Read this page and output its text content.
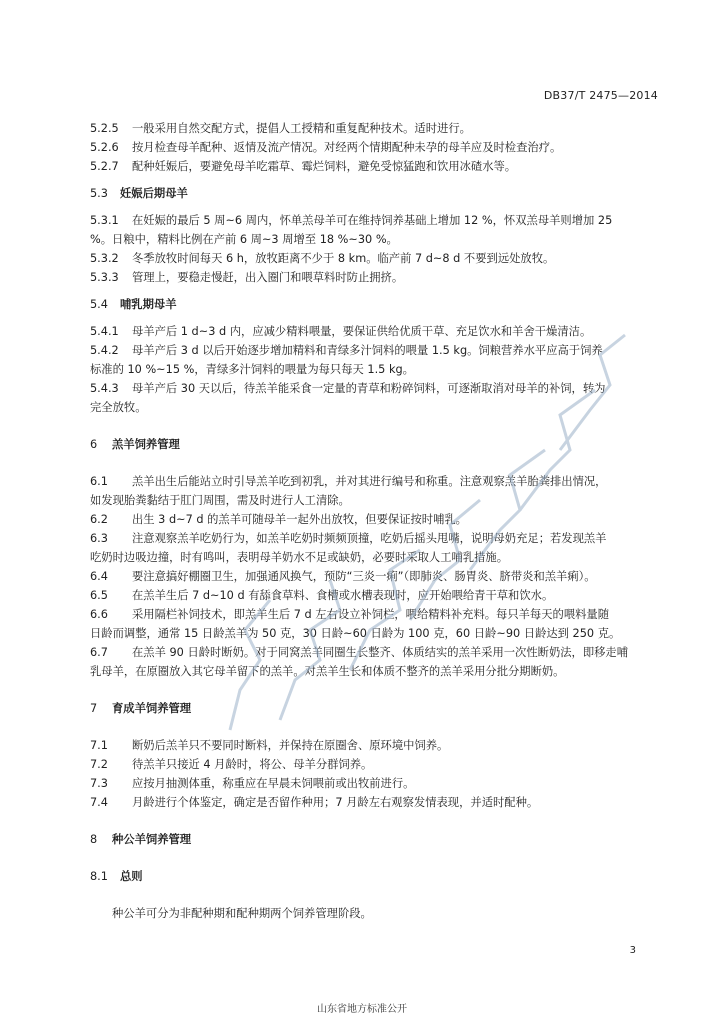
DB37/T 2475—2014
5.2.5 一般采用自然交配方式，提倡人工授精和重复配种技术。适时进行。
5.2.6 按月检查母羊配种、返情及流产情况。对经两个情期配种未孕的母羊应及时检查治疗。
5.2.7 配种妊娠后，要避免母羊吃霜草、霉烂饲料，避免受惊猛跑和饮用冰碴水等。
5.3 妊娠后期母羊
5.3.1 在妊娠的最后 5 周~6 周内，怀单羔母羊可在维持饲养基础上增加 12 %，怀双羔母羊则增加 25
%。日粮中，精料比例在产前 6 周~3 周增至 18 %~30 %。
5.3.2 冬季放牧时间每天 6 h，放牧距离不少于 8 km。临产前 7 d~8 d 不要到远处放牧。
5.3.3 管理上，要稳走慢赶，出入圈门和喂草料时防止拥挤。
5.4 哺乳期母羊
5.4.1 母羊产后 1 d~3 d 内，应减少精料喂量，要保证供给优质干草、充足饮水和羊舍干燥清洁。
5.4.2 母羊产后 3 d 以后开始逐步增加精料和青绿多汁饲料的喂量 1.5 kg。饲粮营养水平应高于饲养
标准的 10 %~15 %，青绿多汁饲料的喂量为每只每天 1.5 kg。
5.4.3 母羊产后 30 天以后，待羔羊能采食一定量的青草和粉碎饲料，可逐渐取消对母羊的补饲，转为
完全放牧。
6 羔羊饲养管理
6.1 羔羊出生后能站立时引导羔羊吃到初乳，并对其进行编号和称重。注意观察羔羊胎粪排出情况，
如发现胎粪黏结于肛门周围，需及时进行人工清除。
6.2 出生 3 d~7 d 的羔羊可随母羊一起外出放牧，但要保证按时哺乳。
6.3 注意观察羔羊吃奶行为，如羔羊吃奶时频频顶撞，吃奶后摇头甩嘴，说明母奶充足；若发现羔羊
吃奶时边吸边撞，时有鸣叫，表明母羊奶水不足或缺奶，必要时采取人工哺乳措施。
6.4 要注意搞好棚圈卫生，加强通风换气，预防“三炎一痢”（即肺炎、肠胃炎、脐带炎和羔羊痢）。
6.5 在羔羊生后 7 d~10 d 有舔食草料、食槽或水槽表现时，应开始喂给青干草和饮水。
6.6 采用隔栏补饲技术，即羔羊生后 7 d 左右设立补饲栏，喂给精料补充料。每只羊每天的喂料量随
日龄而调整，通常 15 日龄羔羊为 50 克，30 日龄~60 日龄为 100 克，60 日龄~90 日龄达到 250 克。
6.7 在羔羊 90 日龄时断奶。对于同窝羔羊同圈生长整齐、体质结实的羔羊采用一次性断奶法，即移走哺
乳母羊，在原圈放入其它母羊留下的羔羊。对羔羊生长和体质不整齐的羔羊采用分批分期断奶。
7 育成羊饲养管理
7.1 断奶后羔羊只不要同时断料，并保持在原圈舍、原环境中饲养。
7.2 待羔羊只接近 4 月龄时，将公、母羊分群饲养。
7.3 应按月抽测体重，称重应在早晨未饲喂前或出牧前进行。
7.4 月龄进行个体鉴定，确定是否留作种用；7 月龄左右观察发情表现，并适时配种。
8 种公羊饲养管理
8.1 总则
种公羊可分为非配种期和配种期两个饲养管理阶段。
3
山东省地方标准公开
